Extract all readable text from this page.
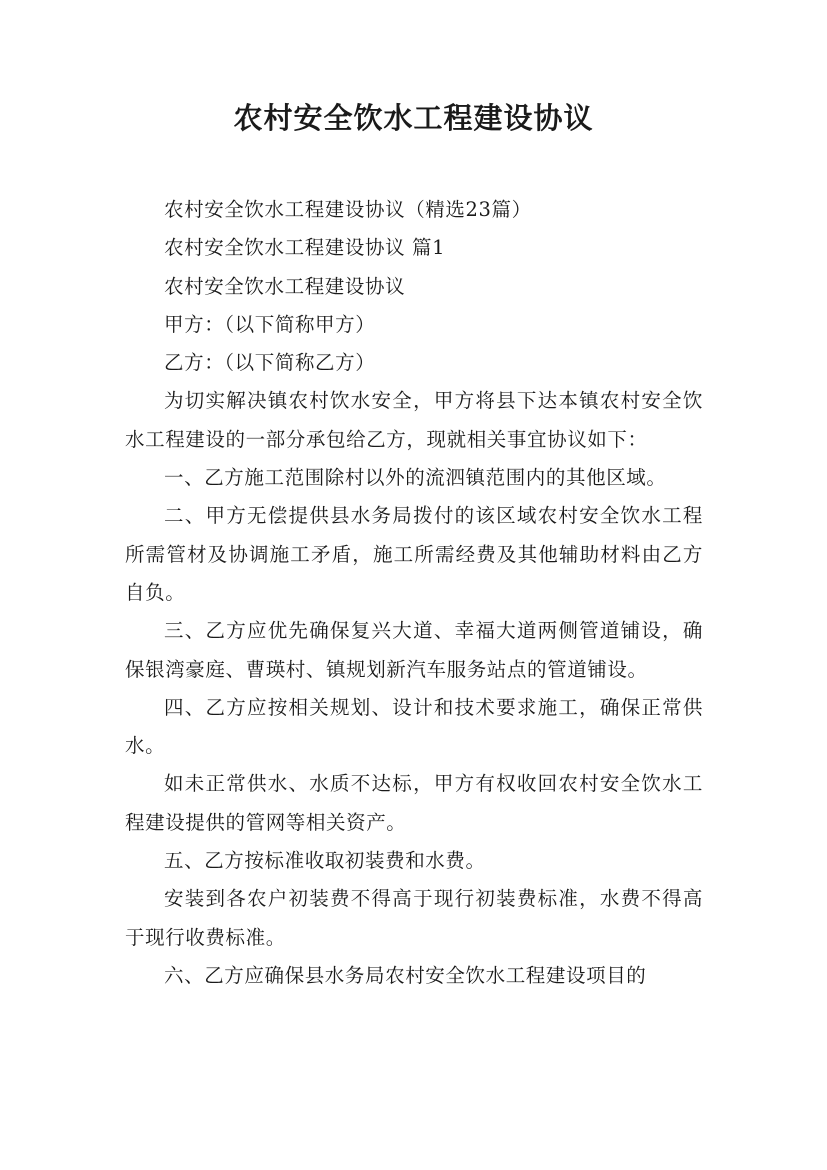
农村安全饮水工程建设协议

农村安全饮水工程建设协议（精选23篇）

农村安全饮水工程建设协议 篇1

农村安全饮水工程建设协议

甲方：（以下简称甲方）

乙方：（以下简称乙方）

为切实解决镇农村饮水安全，甲方将县下达本镇农村安全饮水工程建设的一部分承包给乙方，现就相关事宜协议如下：

一、乙方施工范围除村以外的流泗镇范围内的其他区域。

二、甲方无偿提供县水务局拨付的该区域农村安全饮水工程所需管材及协调施工矛盾，施工所需经费及其他辅助材料由乙方自负。

三、乙方应优先确保复兴大道、幸福大道两侧管道铺设，确保银湾豪庭、曹瑛村、镇规划新汽车服务站点的管道铺设。

四、乙方应按相关规划、设计和技术要求施工，确保正常供水。

如未正常供水、水质不达标，甲方有权收回农村安全饮水工程建设提供的管网等相关资产。

五、乙方按标准收取初装费和水费。

安装到各农户初装费不得高于现行初装费标准，水费不得高于现行收费标准。

六、乙方应确保县水务局农村安全饮水工程建设项目的
